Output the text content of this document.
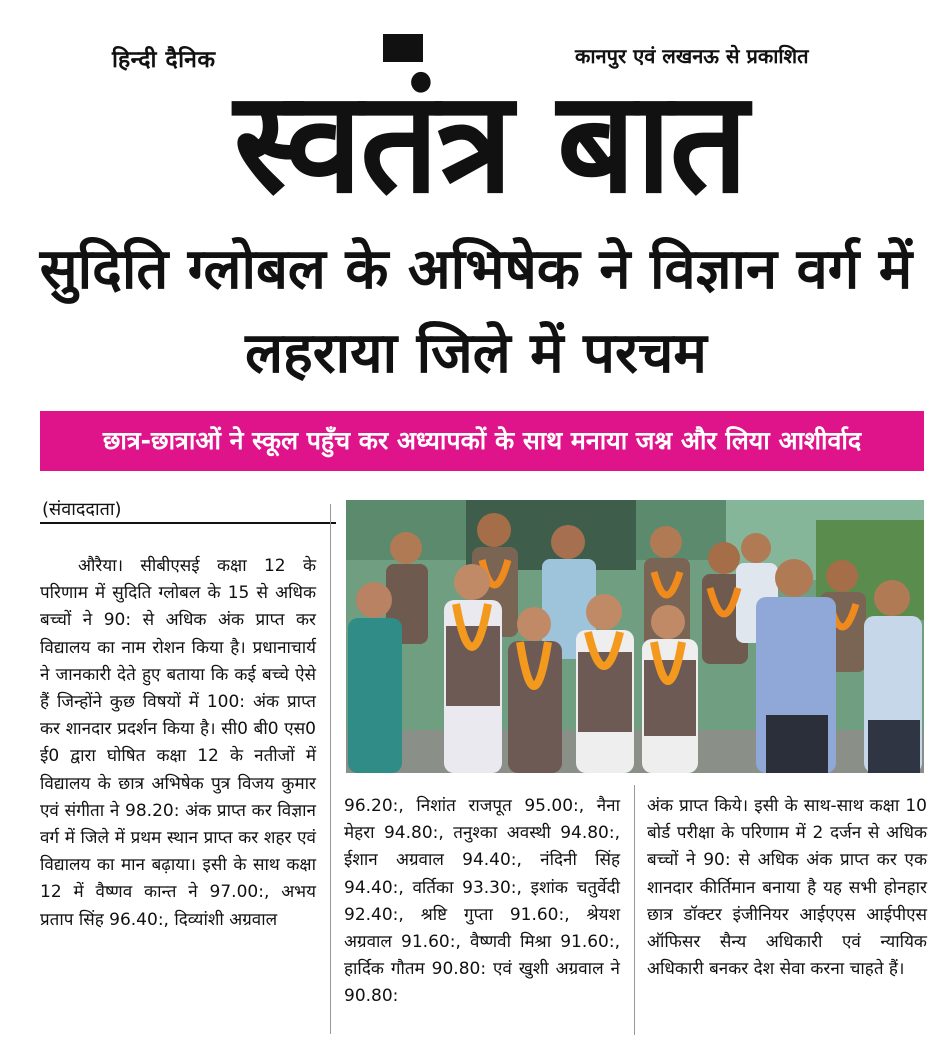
हिन्दी दैनिक	कानपुर एवं लखनऊ से प्रकाशित
स्वतंत्र बात
सुदिति ग्लोबल के अभिषेक ने विज्ञान वर्ग में लहराया जिले में परचम
छात्र-छात्राओं ने स्कूल पहुँच कर अध्यापकों के साथ मनाया जश्न और लिया आशीर्वाद
(संवाददाता)
औरैया। सीबीएसई कक्षा 12 के परिणाम में सुदिति ग्लोबल के 15 से अधिक बच्चों ने 90: से अधिक अंक प्राप्त कर विद्यालय का नाम रोशन किया है। प्रधानाचार्य ने जानकारी देते हुए बताया कि कई बच्चे ऐसे हैं जिन्होंने कुछ विषयों में 100: अंक प्राप्त कर शानदार प्रदर्शन किया है। सी0 बी0 एस0 ई0 द्वारा घोषित कक्षा 12 के नतीजों में विद्यालय के छात्र अभिषेक पुत्र विजय कुमार एवं संगीता ने 98.20: अंक प्राप्त कर विज्ञान वर्ग में जिले में प्रथम स्थान प्राप्त कर शहर एवं विद्यालय का मान बढ़ाया। इसी के साथ कक्षा 12 में वैष्णव कान्त ने 97.00:, अभय प्रताप सिंह 96.40:, दिव्यांशी अग्रवाल
96.20:, निशांत राजपूत 95.00:, नैना मेहरा 94.80:, तनुश्का अवस्थी 94.80:, ईशान अग्रवाल 94.40:, नंदिनी सिंह 94.40:, वर्तिका 93.30:, इशांक चतुर्वेदी 92.40:, श्रष्टि गुप्ता 91.60:, श्रेयश अग्रवाल 91.60:, वैष्णवी मिश्रा 91.60:, हार्दिक गौतम 90.80: एवं खुशी अग्रवाल ने 90.80:
अंक प्राप्त किये। इसी के साथ-साथ कक्षा 10 बोर्ड परीक्षा के परिणाम में 2 दर्जन से अधिक बच्चों ने 90: से अधिक अंक प्राप्त कर एक शानदार कीर्तिमान बनाया है यह सभी होनहार छात्र डॉक्टर इंजीनियर आईएएस आईपीएस ऑफिसर सैन्य अधिकारी एवं न्यायिक अधिकारी बनकर देश सेवा करना चाहते हैं।
